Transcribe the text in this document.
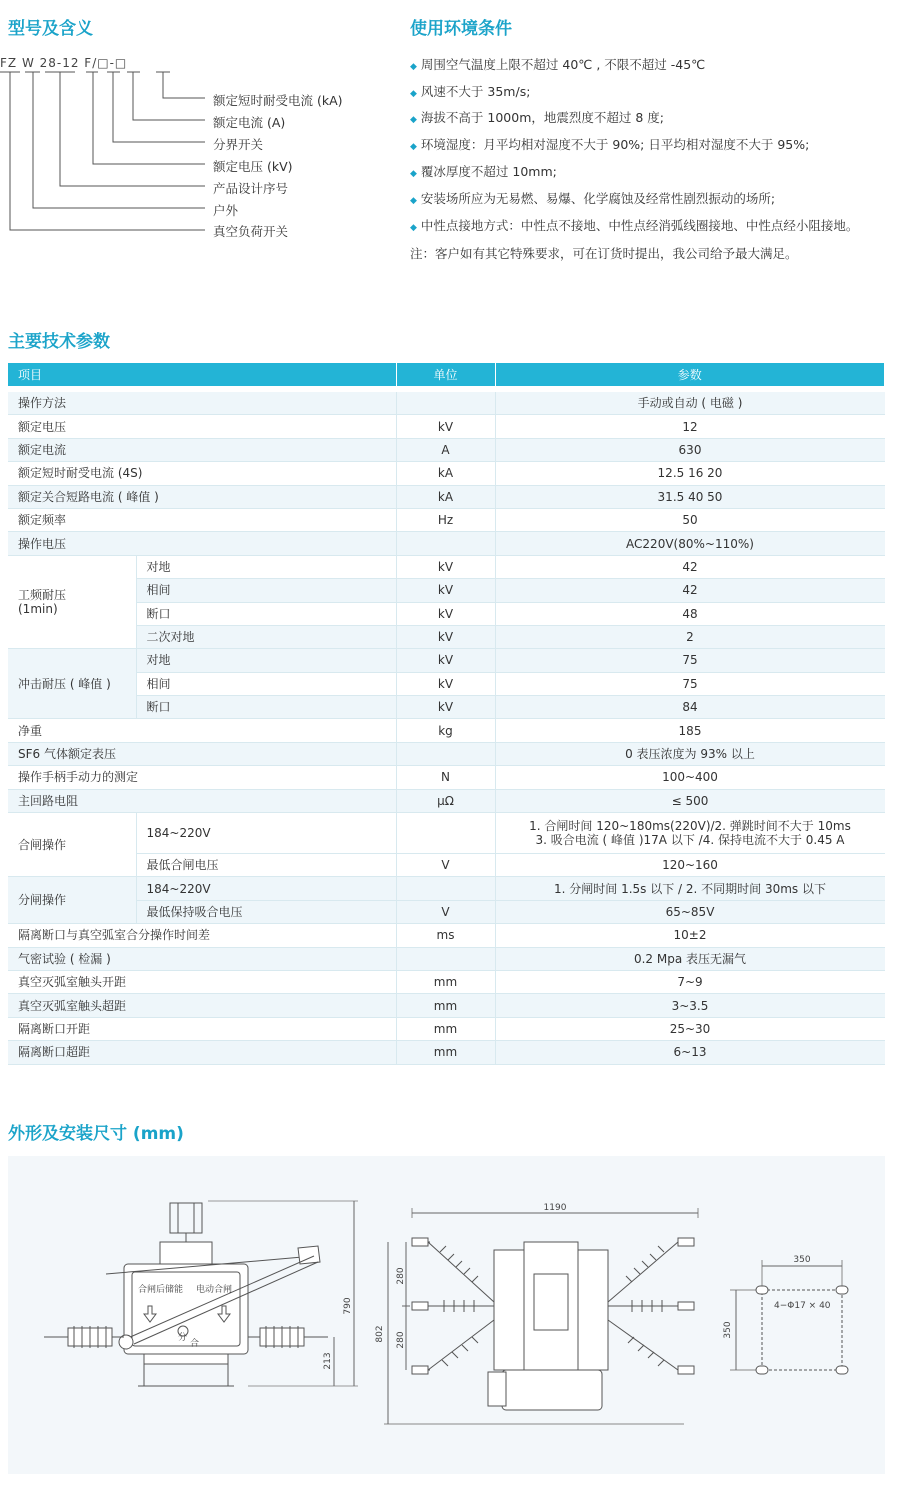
型号及含义
FZ W 28-12 F/□-□
额定短时耐受电流 (kA)
额定电流 (A)
分界开关
额定电压 (kV)
产品设计序号
户外
真空负荷开关
使用环境条件
◆ 周围空气温度上限不超过 40℃ , 不限不超过 -45℃
◆ 风速不大于 35m/s;
◆ 海拔不高于 1000m，地震烈度不超过 8 度;
◆ 环境湿度：月平均相对湿度不大于 90%; 日平均相对湿度不大于 95%;
◆ 覆冰厚度不超过 10mm;
◆ 安装场所应为无易燃、易爆、化学腐蚀及经常性剧烈振动的场所;
◆ 中性点接地方式：中性点不接地、中性点经消弧线圈接地、中性点经小阻接地。
注：客户如有其它特殊要求，可在订货时提出，我公司给予最大满足。
主要技术参数
项目		单位	参数

操作方法			手动或自动 ( 电磁 )
额定电压		kV	12
额定电流		A	630
额定短时耐受电流 (4S)		kA	12.5 16 20
额定关合短路电流 ( 峰值 )		kA	31.5 40 50
额定频率		Hz	50
操作电压			AC220V(80%~110%)
工频耐压
(1min)	对地	kV	42
	相间	kV	42
	断口	kV	48
	二次对地	kV	2
冲击耐压 ( 峰值 )	对地	kV	75
	相间	kV	75
	断口	kV	84
净重		kg	185
SF6 气体额定表压			0 表压浓度为 93% 以上
操作手柄手动力的测定		N	100~400
主回路电阻		μΩ	≤ 500
合闸操作	184~220V		1. 合闸时间 120~180ms(220V)/2. 弹跳时间不大于 10ms
3. 吸合电流 ( 峰值 )17A 以下 /4. 保持电流不大于 0.45 A
	最低合闸电压	V	120~160
分闸操作	184~220V		1. 分闸时间 1.5s 以下 / 2. 不同期时间 30ms 以下
	最低保持吸合电压	V	65~85V
隔离断口与真空弧室合分操作时间差		ms	10±2
气密试验 ( 检漏 )			0.2 Mpa 表压无漏气
真空灭弧室触头开距		mm	7~9
真空灭弧室触头超距		mm	3~3.5
隔离断口开距		mm	25~30
隔离断口超距		mm	6~13
外形及安装尺寸 (mm)
合闸后储能 电动合闸
分
合
790
213
1190
802
280
280
350
350
4−Φ17 × 40
